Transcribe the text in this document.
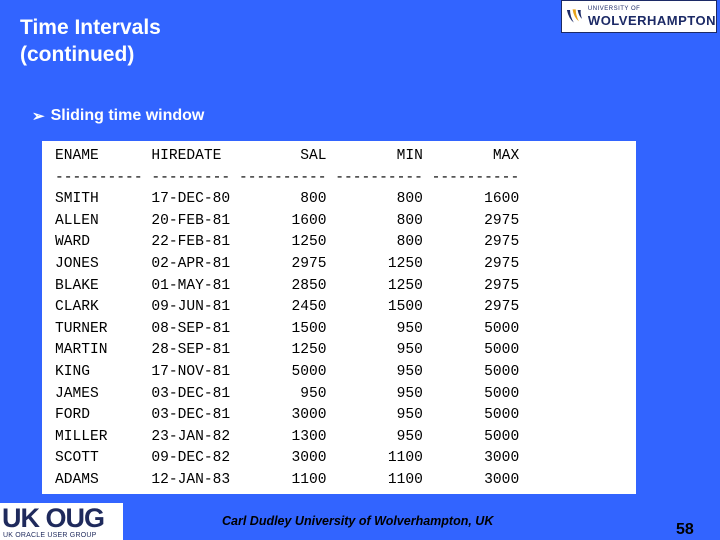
Time Intervals
(continued)
UNIVERSITY OF
WOLVERHAMPTON
➢ Sliding time window
ENAME      HIREDATE         SAL        MIN        MAX
---------- --------- ---------- ---------- ----------
SMITH      17-DEC-80        800        800       1600
ALLEN      20-FEB-81       1600        800       2975
WARD       22-FEB-81       1250        800       2975
JONES      02-APR-81       2975       1250       2975
BLAKE      01-MAY-81       2850       1250       2975
CLARK      09-JUN-81       2450       1500       2975
TURNER     08-SEP-81       1500        950       5000
MARTIN     28-SEP-81       1250        950       5000
KING       17-NOV-81       5000        950       5000
JAMES      03-DEC-81        950        950       5000
FORD       03-DEC-81       3000        950       5000
MILLER     23-JAN-82       1300        950       5000
SCOTT      09-DEC-82       3000       1100       3000
ADAMS      12-JAN-83       1100       1100       3000

Carl Dudley University of Wolverhampton, UK	58
UK OUG
UK ORACLE USER GROUP
